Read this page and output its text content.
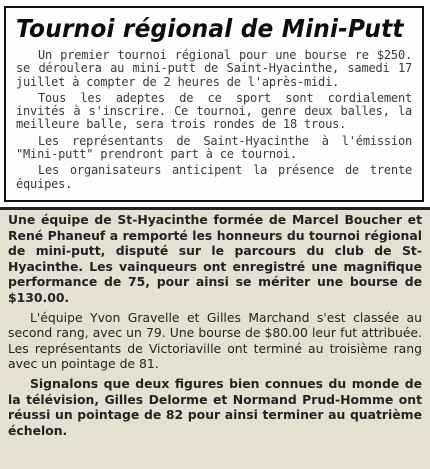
Tournoi régional de Mini-Putt

Un premier tournoi régional pour une bourse re $250. se déroulera au mini-putt de Saint-Hyacinthe, samedi 17 juillet à compter de 2 heures de l'après-midi.

Tous les adeptes de ce sport sont cordialement invités à s'inscrire. Ce tournoi, genre deux balles, la meilleure balle, sera trois rondes de 18 trous.

Les représentants de Saint-Hyacinthe à l'émission "Mini-putt" prendront part à ce tournoi.

Les organisateurs anticipent la présence de trente équipes.

Une équipe de St-Hyacinthe formée de Marcel Boucher et René Phaneuf a remporté les honneurs du tournoi régional de mini-putt, disputé sur le parcours du club de St-Hyacinthe. Les vainqueurs ont enregistré une magnifique performance de 75, pour ainsi se mériter une bourse de $130.00.

L'équipe Yvon Gravelle et Gilles Marchand s'est classée au second rang, avec un 79. Une bourse de $80.00 leur fut attribuée. Les représentants de Victoriaville ont terminé au troisième rang avec un pointage de 81.

Signalons que deux figures bien connues du monde de la télévision, Gilles Delorme et Normand Prud-Homme ont réussi un pointage de 82 pour ainsi terminer au quatrième échelon.
